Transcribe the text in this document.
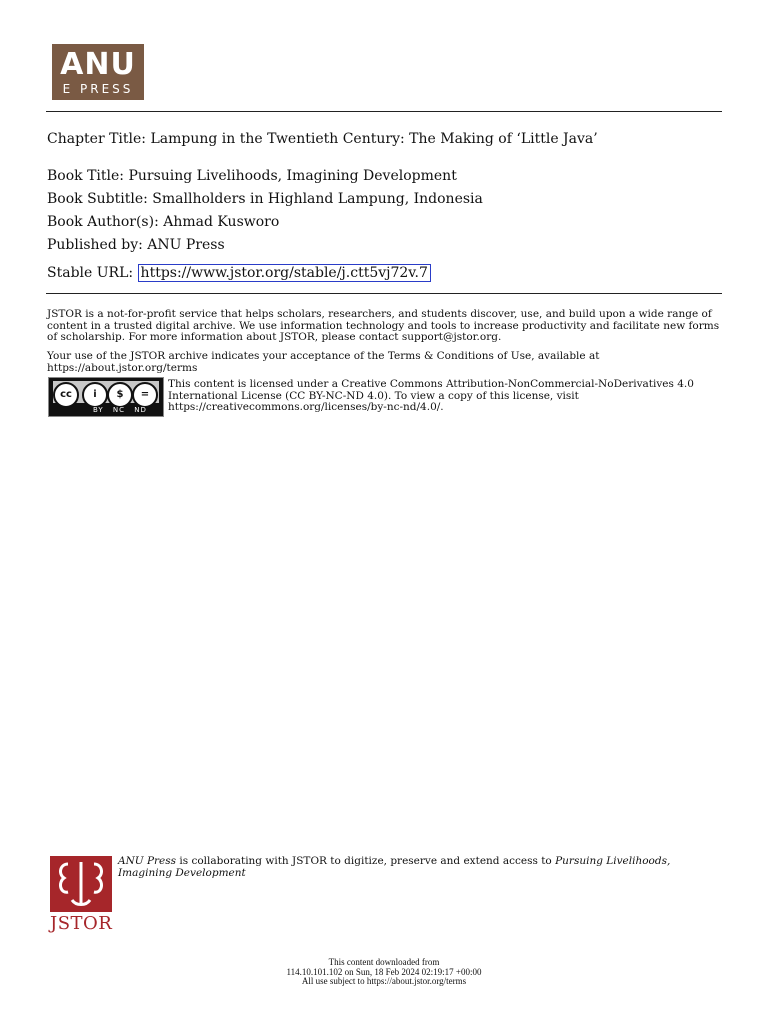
ANU
E PRESS
Chapter Title: Lampung in the Twentieth Century: The Making of ‘Little Java’
Book Title: Pursuing Livelihoods, Imagining Development
Book Subtitle: Smallholders in Highland Lampung, Indonesia
Book Author(s): Ahmad Kusworo
Published by: ANU Press
Stable URL: https://www.jstor.org/stable/j.ctt5vj72v.7
JSTOR is a not-for-profit service that helps scholars, researchers, and students discover, use, and build upon a wide range of content in a trusted digital archive. We use information technology and tools to increase productivity and facilitate new forms of scholarship. For more information about JSTOR, please contact support@jstor.org.
Your use of the JSTOR archive indicates your acceptance of the Terms & Conditions of Use, available at https://about.jstor.org/terms
cc	i	$	=
BY NC ND
This content is licensed under a Creative Commons Attribution-NonCommercial-NoDerivatives 4.0 International License (CC BY-NC-ND 4.0). To view a copy of this license, visit https://creativecommons.org/licenses/by-nc-nd/4.0/.
JSTOR
ANU Press is collaborating with JSTOR to digitize, preserve and extend access to Pursuing Livelihoods, Imagining Development
This content downloaded from
114.10.101.102 on Sun, 18 Feb 2024 02:19:17 +00:00
All use subject to https://about.jstor.org/terms
